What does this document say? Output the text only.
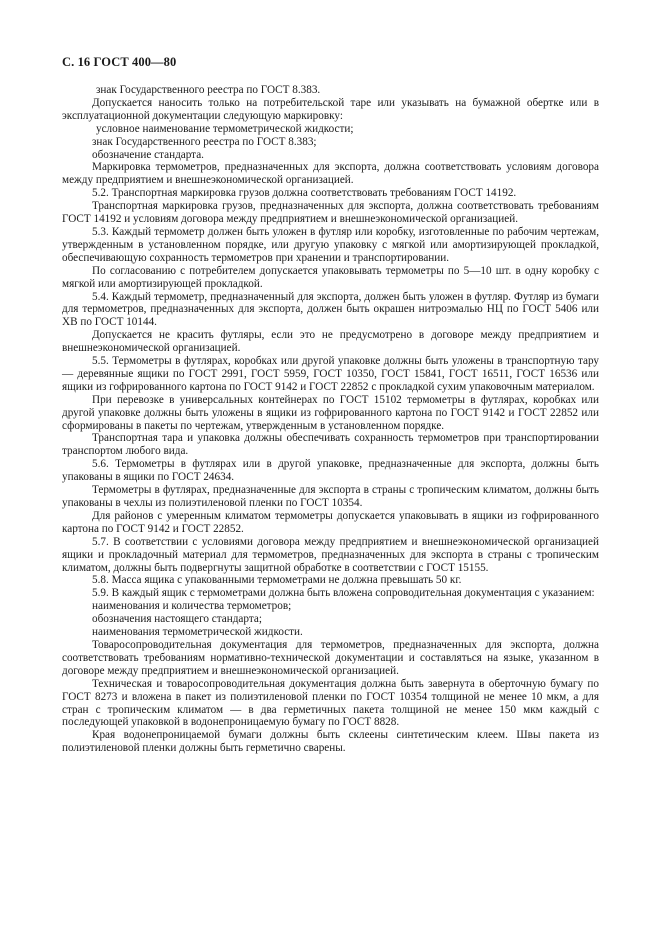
С. 16 ГОСТ 400—80

знак Государственного реестра по ГОСТ 8.383.

Допускается наносить только на потребительской таре или указывать на бумажной обертке или в эксплуатационной документации следующую маркировку:

условное наименование термометрической жидкости;

знак Государственного реестра по ГОСТ 8.383;

обозначение стандарта.

Маркировка термометров, предназначенных для экспорта, должна соответствовать условиям договора между предприятием и внешнеэкономической организацией.

5.2. Транспортная маркировка грузов должна соответствовать требованиям ГОСТ 14192.

Транспортная маркировка грузов, предназначенных для экспорта, должна соответствовать требованиям ГОСТ 14192 и условиям договора между предприятием и внешнеэкономической организацией.

5.3. Каждый термометр должен быть уложен в футляр или коробку, изготовленные по рабочим чертежам, утвержденным в установленном порядке, или другую упаковку с мягкой или амортизирующей прокладкой, обеспечивающую сохранность термометров при хранении и транспортировании.

По согласованию с потребителем допускается упаковывать термометры по 5—10 шт. в одну коробку с мягкой или амортизирующей прокладкой.

5.4. Каждый термометр, предназначенный для экспорта, должен быть уложен в футляр. Футляр из бумаги для термометров, предназначенных для экспорта, должен быть окрашен нитроэмалью НЦ по ГОСТ 5406 или ХВ по ГОСТ 10144.

Допускается не красить футляры, если это не предусмотрено в договоре между предприятием и внешнеэкономической организацией.

5.5. Термометры в футлярах, коробках или другой упаковке должны быть уложены в транспортную тару — деревянные ящики по ГОСТ 2991, ГОСТ 5959, ГОСТ 10350, ГОСТ 15841, ГОСТ 16511, ГОСТ 16536 или ящики из гофрированного картона по ГОСТ 9142 и ГОСТ 22852 с прокладкой сухим упаковочным материалом.

При перевозке в универсальных контейнерах по ГОСТ 15102 термометры в футлярах, коробках или другой упаковке должны быть уложены в ящики из гофрированного картона по ГОСТ 9142 и ГОСТ 22852 или сформированы в пакеты по чертежам, утвержденным в установленном порядке.

Транспортная тара и упаковка должны обеспечивать сохранность термометров при транспортировании транспортом любого вида.

5.6. Термометры в футлярах или в другой упаковке, предназначенные для экспорта, должны быть упакованы в ящики по ГОСТ 24634.

Термометры в футлярах, предназначенные для экспорта в страны с тропическим климатом, должны быть упакованы в чехлы из полиэтиленовой пленки по ГОСТ 10354.

Для районов с умеренным климатом термометры допускается упаковывать в ящики из гофрированного картона по ГОСТ 9142 и ГОСТ 22852.

5.7. В соответствии с условиями договора между предприятием и внешнеэкономической организацией ящики и прокладочный материал для термометров, предназначенных для экспорта в страны с тропическим климатом, должны быть подвергнуты защитной обработке в соответствии с ГОСТ 15155.

5.8. Масса ящика с упакованными термометрами не должна превышать 50 кг.

5.9. В каждый ящик с термометрами должна быть вложена сопроводительная документация с указанием:

наименования и количества термометров;

обозначения настоящего стандарта;

наименования термометрической жидкости.

Товаросопроводительная документация для термометров, предназначенных для экспорта, должна соответствовать требованиям нормативно-технической документации и составляться на языке, указанном в договоре между предприятием и внешнеэкономической организацией.

Техническая и товаросопроводительная документация должна быть завернута в оберточную бумагу по ГОСТ 8273 и вложена в пакет из полиэтиленовой пленки по ГОСТ 10354 толщиной не менее 10 мкм, а для стран с тропическим климатом — в два герметичных пакета толщиной не менее 150 мкм каждый с последующей упаковкой в водонепроницаемую бумагу по ГОСТ 8828.

Края водонепроницаемой бумаги должны быть склеены синтетическим клеем. Швы пакета из полиэтиленовой пленки должны быть герметично сварены.
